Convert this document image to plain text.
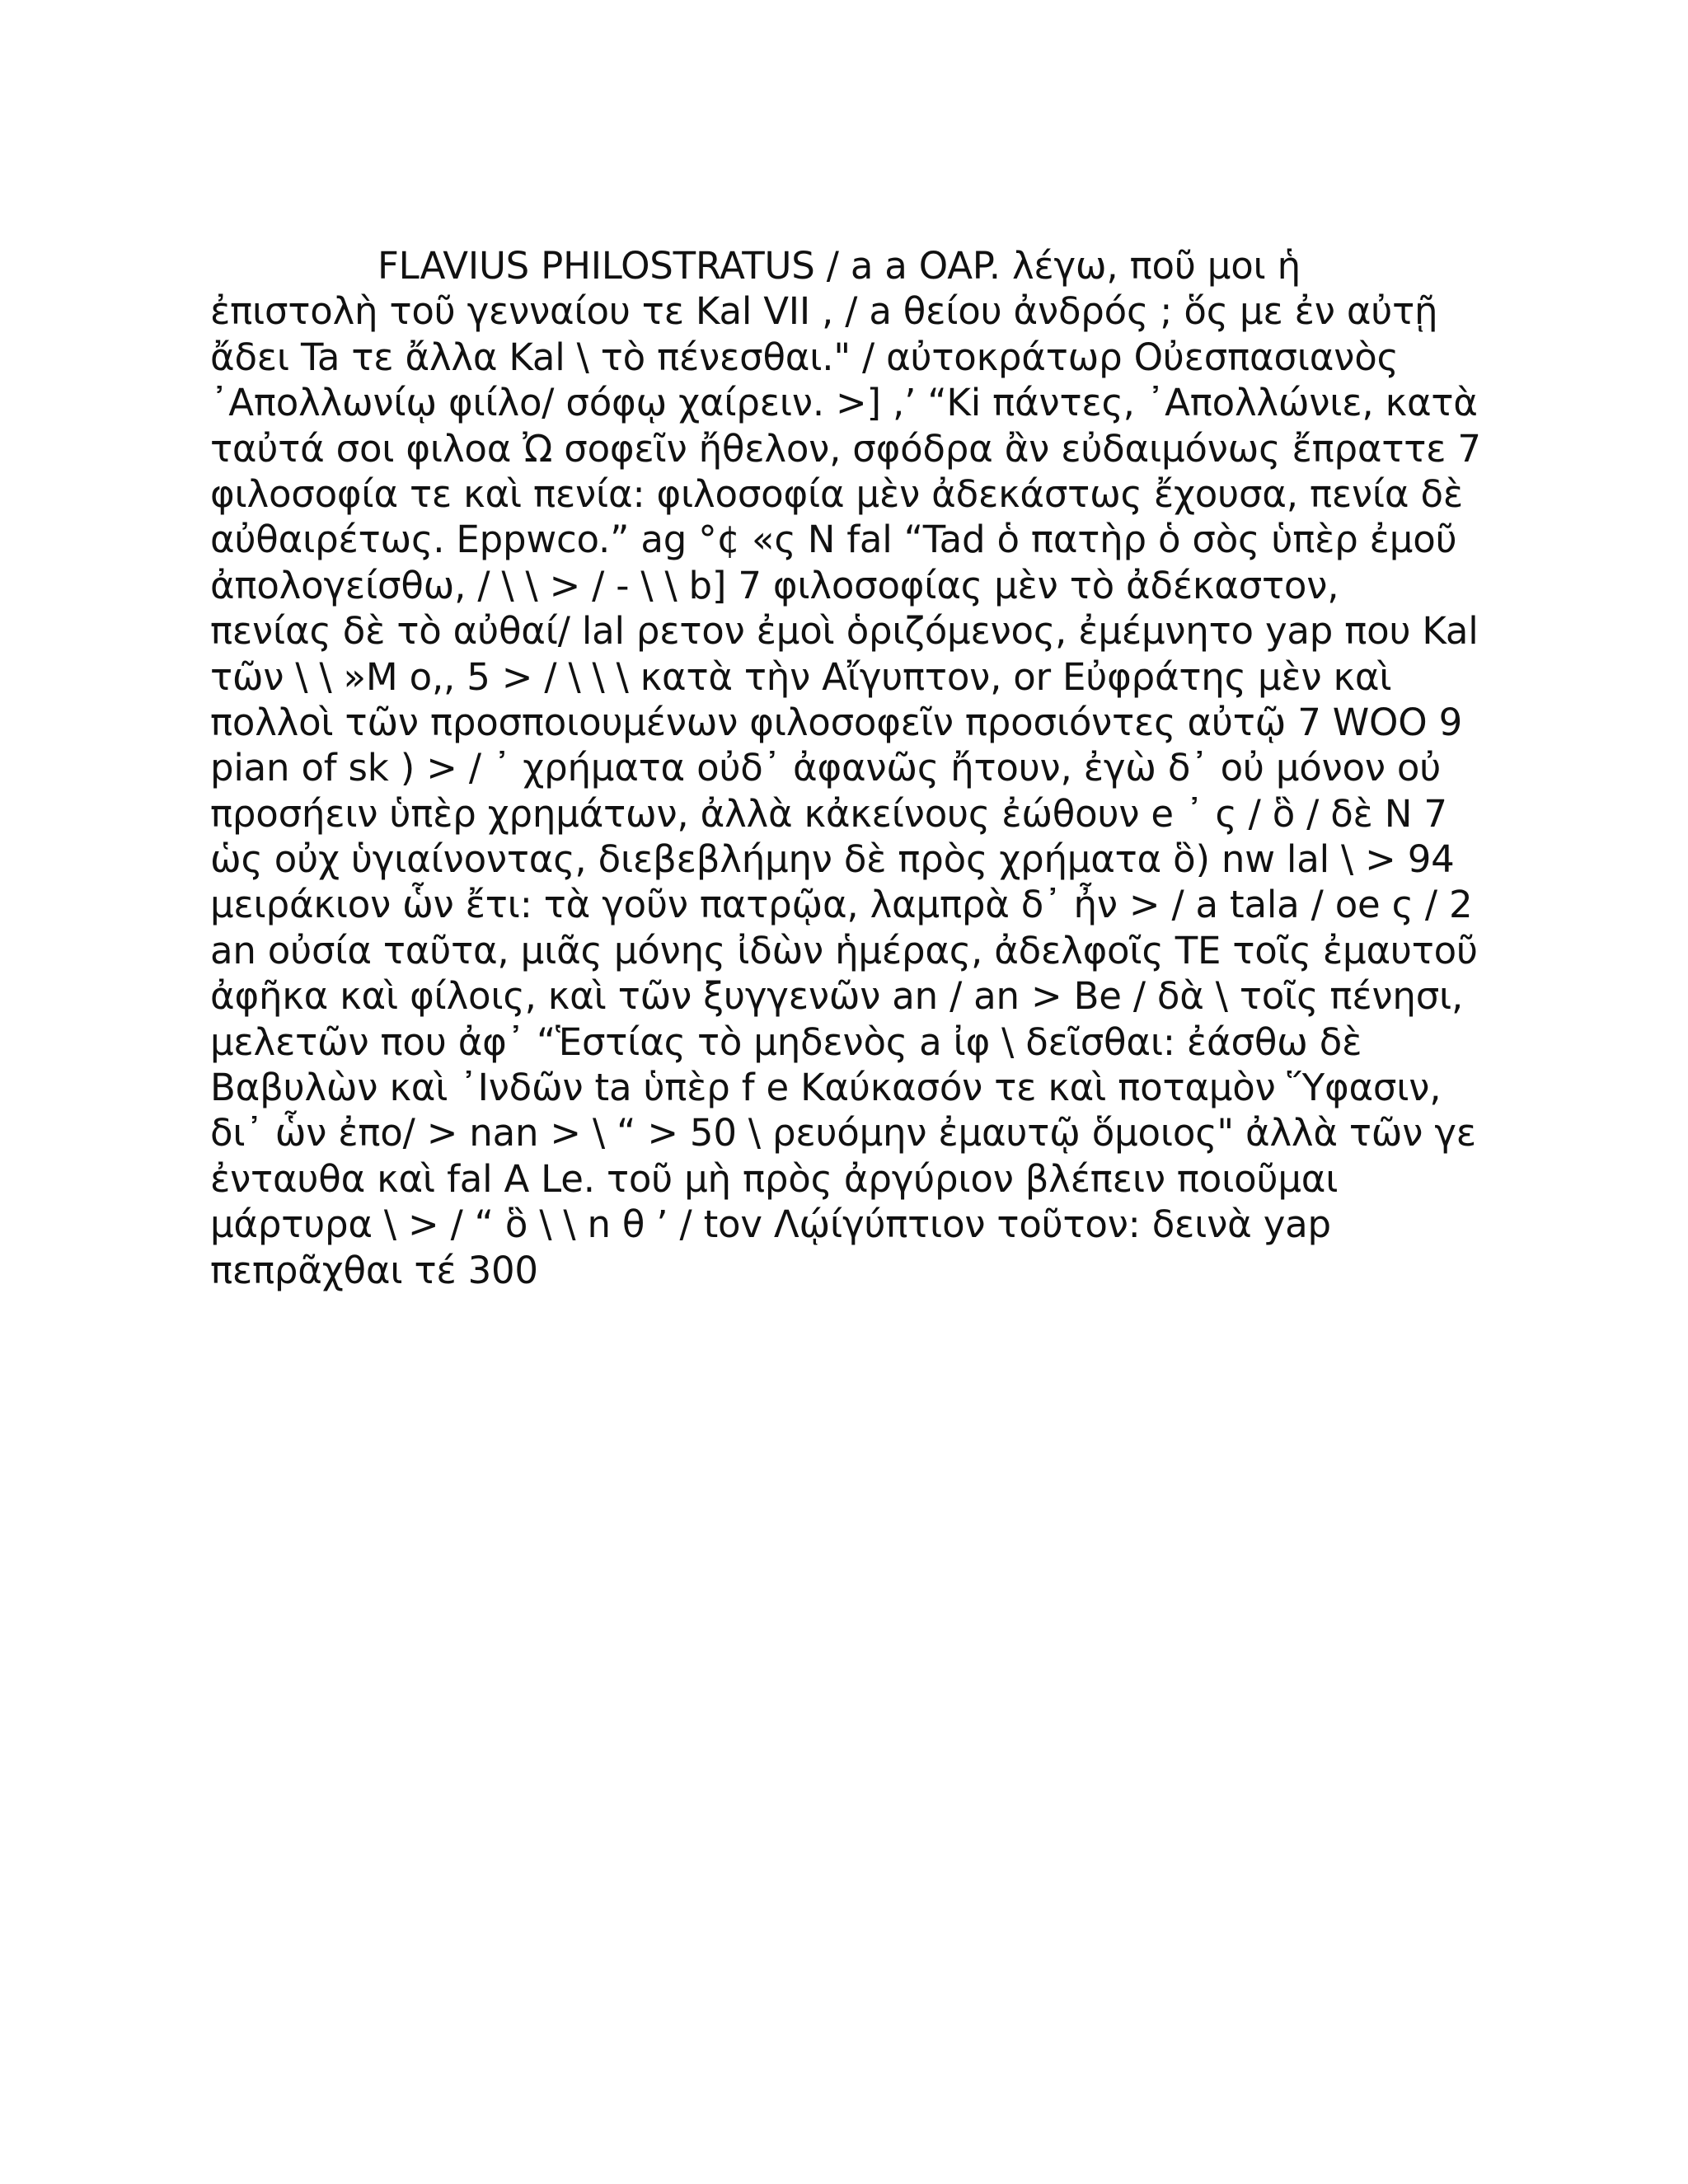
FLAVIUS PHILOSTRATUS / a a OAP. λέγω, ποῦ μοι ἡ
ἐπιστολὴ τοῦ γενναίου τε Kal VII , / a θείου ἀνδρός ; ὅς με ἐν αὐτῇ
ἄδει Ta τε ἄλλα Kal \ τὸ πένεσθαι." / αὐτοκράτωρ Οὐεσπασιανὸς
᾿Απολλωνίῳ φιίλο/ σόφῳ χαίρειν. >] ,’ “Ki πάντες, ᾿Απολλώνιε, κατὰ
ταὐτά σοι φιλοα Ὠ σοφεῖν ἤθελον, σφόδρα ἂν εὐδαιμόνως ἔπραττε 7
φιλοσοφία τε καὶ πενία: φιλοσοφία μὲν ἀδεκάστως ἔχουσα, πενία δὲ
αὐθαιρέτως. Eppwco.” ag °¢ «ς N fal “Tad ὁ πατὴρ ὁ σὸς ὑπὲρ ἐμοῦ
ἀπολογείσθω, / \ \ > / - \ \ b] 7 φιλοσοφίας μὲν τὸ ἀδέκαστον,
πενίας δὲ τὸ αὐθαί/ lal ρετον ἐμοὶ ὁριζόμενος, ἐμέμνητο yap που Kal
τῶν \ \ »M o,, 5 > / \ \ \ κατὰ τὴν Αἴγυπτον, or Εὐφράτης μὲν καὶ
πολλοὶ τῶν προσποιουμένων φιλοσοφεῖν προσιόντες αὐτῷ 7 WOO 9
pian of sk ) > / ᾿ χρήματα οὐδ᾽ ἀφανῶς ἤτουν, ἐγὼ δ᾽ οὐ μόνον οὐ
προσήειν ὑπὲρ χρημάτων, ἀλλὰ κἀκείνους ἐώθουν e ᾿ ς / ὃ / δὲ N 7
ὡς οὐχ ὑγιαίνοντας, διεβεβλήμην δὲ πρὸς χρήματα ὃ) nw lal \ > 94
μειράκιον ὧν ἔτι: τὰ γοῦν πατρῷα, λαμπρὰ δ᾽ ἦν > / a tala / oe ς / 2
an οὐσία ταῦτα, μιᾶς μόνης ἰδὼν ἡμέρας, ἀδελφοῖς TE τοῖς ἐμαυτοῦ
ἀφῆκα καὶ φίλοις, καὶ τῶν ξυγγενῶν an / an > Be / δὰ \ τοῖς πένησι,
μελετῶν που ἀφ᾽ “Ἑστίας τὸ μηδενὸς a ἰφ \ δεῖσθαι: ἐάσθω δὲ
Βαβυλὼν καὶ ᾿Ινδῶν ta ὑπὲρ f e Καύκασόν τε καὶ ποταμὸν Ὕφασιν,
δι᾽ ὧν ἐπο/ > nan > \ “ > 50 \ ρευόμην ἐμαυτῷ ὅμοιος" ἀλλὰ τῶν γε
ἐνταυθα καὶ fal A Le. τοῦ μὴ πρὸς ἀργύριον βλέπειν ποιοῦμαι
μάρτυρα \ > / “ ὃ \ \ n θ ’ / tov Λῴίγύπτιον τοῦτον: δεινὰ yap
πεπρᾶχθαι τέ 300
